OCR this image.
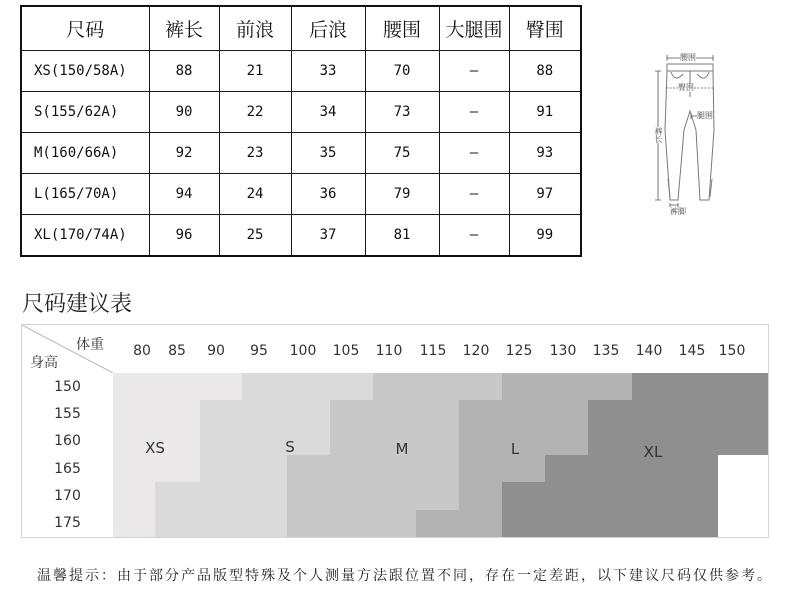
尺码	裤长	前浪	后浪	腰围	大腿围	臀围
XS(150/58A)	88	21	33	70	–	88
S(155/62A)	90	22	34	73	–	91
M(160/66A)	92	23	35	75	–	93
L(165/70A)	94	24	36	79	–	97
XL(170/74A)	96	25	37	81	–	99
腰围
臀围
腿围
裤长
裤脚
尺码建议表
体重
身高
80 85 90 95 100 105 110 115 120 125 130 135 140 145 150
150
155
160
165
170
175
XS	S	M	L	XL
温馨提示：由于部分产品版型特殊及个人测量方法跟位置不同，存在一定差距，以下建议尺码仅供参考。
